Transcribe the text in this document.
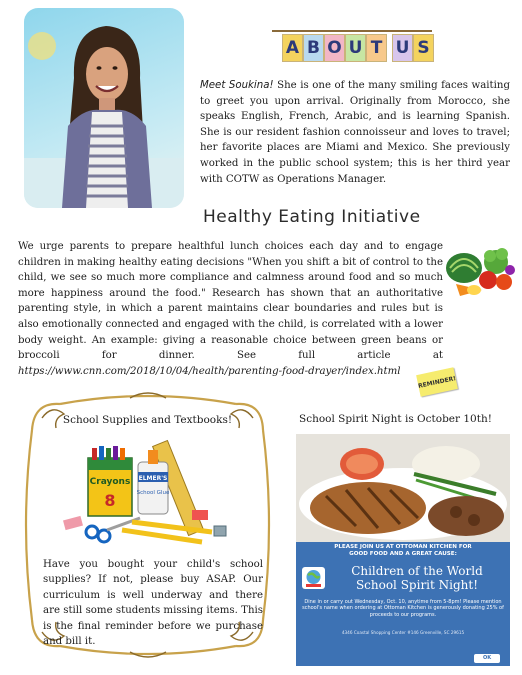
A B O U T U S
Meet Soukina! She is one of the many smiling faces waiting to greet you upon arrival. Originally from Morocco, she speaks English, French, Arabic, and is learning Spanish. She is our resident fashion connoisseur and loves to travel; her favorite places are Miami and Mexico. She previously worked in the public school system; this is her third year with COTW as Operations Manager.
Healthy Eating Initiative
We urge parents to prepare healthful lunch choices each day and to engage children in making healthy eating decisions "When you shift a bit of control to the child, we see so much more compliance and calmness around food and so much more happiness around the food." Research has shown that an authoritative parenting style, in which a parent maintains clear boundaries and rules but is also emotionally connected and engaged with the child, is correlated with a lower body weight. An example: giving a reasonable choice between green beans or broccoli for dinner. See full article at https://www.cnn.com/2018/10/04/health/parenting-food-drayer/index.html
REMINDER!
School Supplies and Textbooks!
Crayons
8
ELMER'S
School Glue
Have you bought your child's school supplies? If not, please buy ASAP. Our curriculum is well underway and there are still some students missing items. This is the final reminder before we purchase and bill it.
School Spirit Night is October 10th!
PLEASE JOIN US AT OTTOMAN KITCHEN FOR
GOOD FOOD AND A GREAT CAUSE:
Children of the World
School Spirit Night!
Dine in or carry out Wednesday, Oct. 10, anytime from 5-8pm! Please mention school's name when ordering at Ottoman Kitchen is generously donating 25% of proceeds to our programs.
4346 Coastal Shopping Center #146 Greenville, SC 29615
OK
